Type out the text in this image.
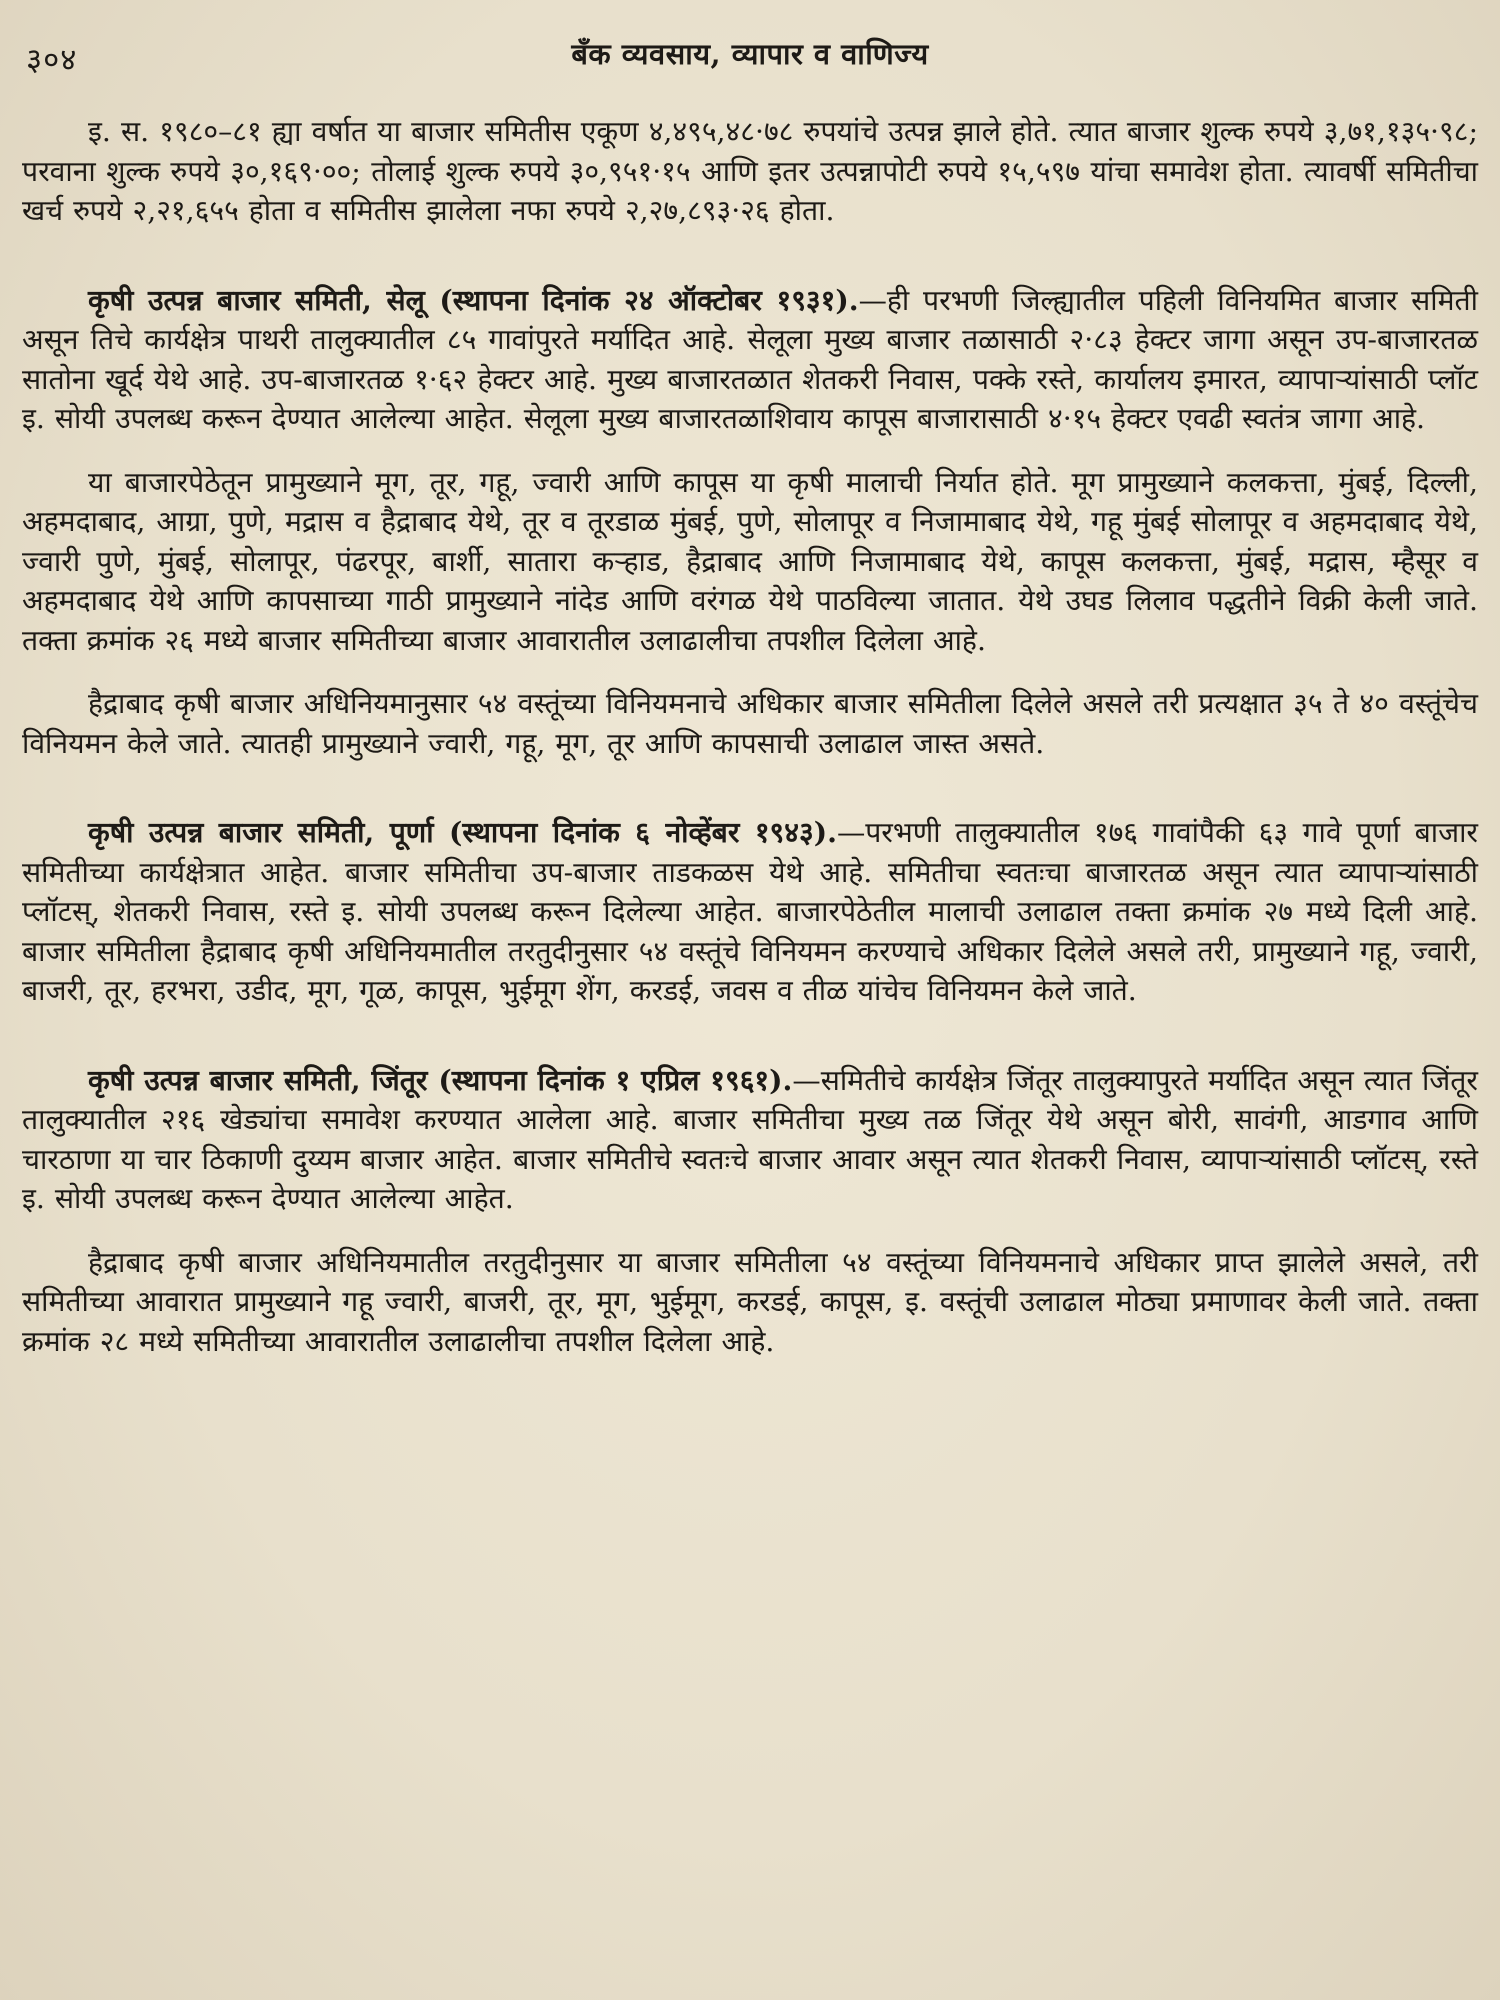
३०४	बँक व्यवसाय, व्यापार व वाणिज्य

इ. स. १९८०–८१ ह्या वर्षात या बाजार समितीस एकूण ४,४९५,४८·७८ रुपयांचे उत्पन्न झाले होते. त्यात बाजार शुल्क रुपये ३,७१,१३५·९८; परवाना शुल्क रुपये ३०,१६९·००; तोलाई शुल्क रुपये ३०,९५१·१५ आणि इतर उत्पन्नापोटी रुपये १५,५९७ यांचा समावेश होता. त्यावर्षी समितीचा खर्च रुपये २,२१,६५५ होता व समितीस झालेला नफा रुपये २,२७,८९३·२६ होता.

कृषी उत्पन्न बाजार समिती, सेलू (स्थापना दिनांक २४ ऑक्टोबर १९३१).—ही परभणी जिल्ह्यातील पहिली विनियमित बाजार समिती असून तिचे कार्यक्षेत्र पाथरी तालुक्यातील ८५ गावांपुरते मर्यादित आहे. सेलूला मुख्य बाजार तळासाठी २·८३ हेक्टर जागा असून उप-बाजारतळ सातोना खूर्द येथे आहे. उप-बाजारतळ १·६२ हेक्टर आहे. मुख्य बाजारतळात शेतकरी निवास, पक्के रस्ते, कार्यालय इमारत, व्यापाऱ्यांसाठी प्लॉट इ. सोयी उपलब्ध करून देण्यात आलेल्या आहेत. सेलूला मुख्य बाजारतळाशिवाय कापूस बाजारासाठी ४·१५ हेक्टर एवढी स्वतंत्र जागा आहे.

या बाजारपेठेतून प्रामुख्याने मूग, तूर, गहू, ज्वारी आणि कापूस या कृषी मालाची निर्यात होते. मूग प्रामुख्याने कलकत्ता, मुंबई, दिल्ली, अहमदाबाद, आग्रा, पुणे, मद्रास व हैद्राबाद येथे, तूर व तूरडाळ मुंबई, पुणे, सोलापूर व निजामाबाद येथे, गहू मुंबई सोलापूर व अहमदाबाद येथे, ज्वारी पुणे, मुंबई, सोलापूर, पंढरपूर, बार्शी, सातारा कऱ्हाड, हैद्राबाद आणि निजामाबाद येथे, कापूस कलकत्ता, मुंबई, मद्रास, म्हैसूर व अहमदाबाद येथे आणि कापसाच्या गाठी प्रामुख्याने नांदेड आणि वरंगळ येथे पाठविल्या जातात. येथे उघड लिलाव पद्धतीने विक्री केली जाते. तक्ता क्रमांक २६ मध्ये बाजार समितीच्या बाजार आवारातील उलाढालीचा तपशील दिलेला आहे.

हैद्राबाद कृषी बाजार अधिनियमानुसार ५४ वस्तूंच्या विनियमनाचे अधिकार बाजार समितीला दिलेले असले तरी प्रत्यक्षात ३५ ते ४० वस्तूंचेच विनियमन केले जाते. त्यातही प्रामुख्याने ज्वारी, गहू, मूग, तूर आणि कापसाची उलाढाल जास्त असते.

कृषी उत्पन्न बाजार समिती, पूर्णा (स्थापना दिनांक ६ नोव्हेंबर १९४३).—परभणी तालुक्यातील १७६ गावांपैकी ६३ गावे पूर्णा बाजार समितीच्या कार्यक्षेत्रात आहेत. बाजार समितीचा उप-बाजार ताडकळस येथे आहे. समितीचा स्वतःचा बाजारतळ असून त्यात व्यापाऱ्यांसाठी प्लॉटस्, शेतकरी निवास, रस्ते इ. सोयी उपलब्ध करून दिलेल्या आहेत. बाजारपेठेतील मालाची उलाढाल तक्ता क्रमांक २७ मध्ये दिली आहे. बाजार समितीला हैद्राबाद कृषी अधिनियमातील तरतुदीनुसार ५४ वस्तूंचे विनियमन करण्याचे अधिकार दिलेले असले तरी, प्रामुख्याने गहू, ज्वारी, बाजरी, तूर, हरभरा, उडीद, मूग, गूळ, कापूस, भुईमूग शेंग, करडई, जवस व तीळ यांचेच विनियमन केले जाते.

कृषी उत्पन्न बाजार समिती, जिंतूर (स्थापना दिनांक १ एप्रिल १९६१).—समितीचे कार्यक्षेत्र जिंतूर तालुक्यापुरते मर्यादित असून त्यात जिंतूर तालुक्यातील २१६ खेड्यांचा समावेश करण्यात आलेला आहे. बाजार समितीचा मुख्य तळ जिंतूर येथे असून बोरी, सावंगी, आडगाव आणि चारठाणा या चार ठिकाणी दुय्यम बाजार आहेत. बाजार समितीचे स्वतःचे बाजार आवार असून त्यात शेतकरी निवास, व्यापाऱ्यांसाठी प्लॉटस्, रस्ते इ. सोयी उपलब्ध करून देण्यात आलेल्या आहेत.

हैद्राबाद कृषी बाजार अधिनियमातील तरतुदीनुसार या बाजार समितीला ५४ वस्तूंच्या विनियमनाचे अधिकार प्राप्त झालेले असले, तरी समितीच्या आवारात प्रामुख्याने गहू ज्वारी, बाजरी, तूर, मूग, भुईमूग, करडई, कापूस, इ. वस्तूंची उलाढाल मोठ्या प्रमाणावर केली जाते. तक्ता क्रमांक २८ मध्ये समितीच्या आवारातील उलाढालीचा तपशील दिलेला आहे.
